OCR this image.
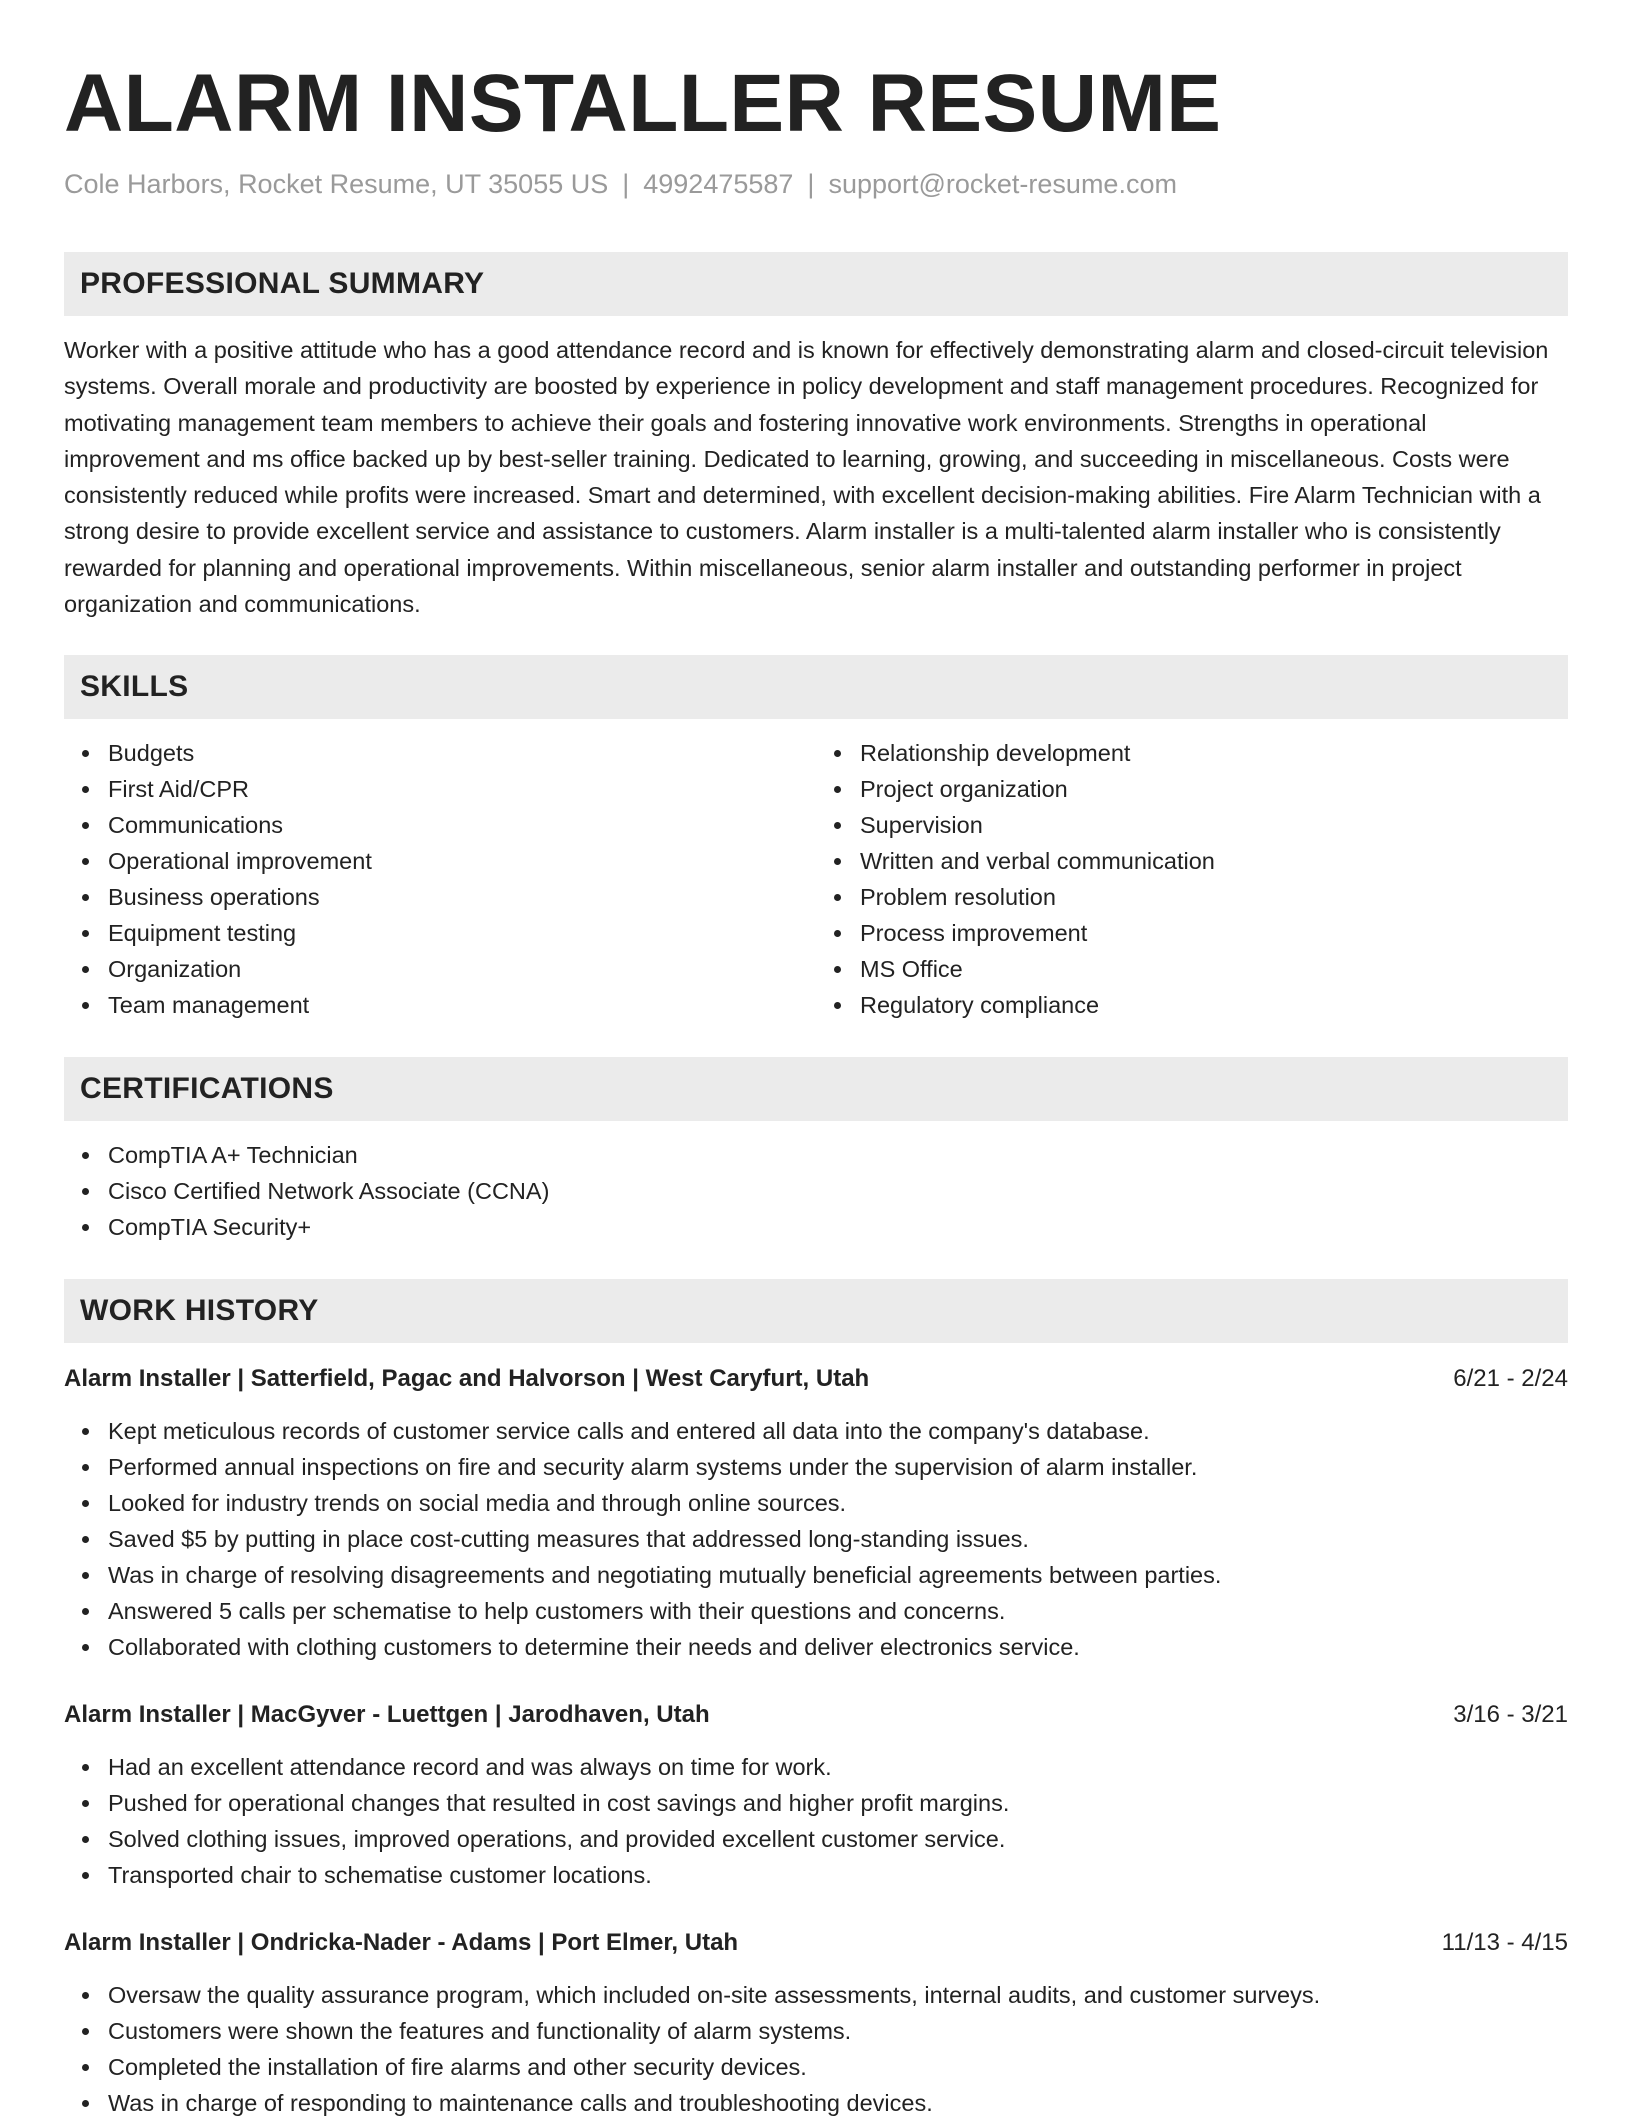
ALARM INSTALLER RESUME
Cole Harbors, Rocket Resume, UT 35055 US | 4992475587 | support@rocket-resume.com
PROFESSIONAL SUMMARY

Worker with a positive attitude who has a good attendance record and is known for effectively demonstrating alarm and closed-circuit television systems. Overall morale and productivity are boosted by experience in policy development and staff management procedures. Recognized for motivating management team members to achieve their goals and fostering innovative work environments. Strengths in operational improvement and ms office backed up by best-seller training. Dedicated to learning, growing, and succeeding in miscellaneous. Costs were consistently reduced while profits were increased. Smart and determined, with excellent decision-making abilities. Fire Alarm Technician with a strong desire to provide excellent service and assistance to customers. Alarm installer is a multi-talented alarm installer who is consistently rewarded for planning and operational improvements. Within miscellaneous, senior alarm installer and outstanding performer in project organization and communications.

SKILLS
Budgets
First Aid/CPR
Communications
Operational improvement
Business operations
Equipment testing
Organization
Team management
Relationship development
Project organization
Supervision
Written and verbal communication
Problem resolution
Process improvement
MS Office
Regulatory compliance
CERTIFICATIONS
CompTIA A+ Technician
Cisco Certified Network Associate (CCNA)
CompTIA Security+
WORK HISTORY
Alarm Installer | Satterfield, Pagac and Halvorson | West Caryfurt, Utah	6/21 - 2/24
Kept meticulous records of customer service calls and entered all data into the company's database.
Performed annual inspections on fire and security alarm systems under the supervision of alarm installer.
Looked for industry trends on social media and through online sources.
Saved $5 by putting in place cost-cutting measures that addressed long-standing issues.
Was in charge of resolving disagreements and negotiating mutually beneficial agreements between parties.
Answered 5 calls per schematise to help customers with their questions and concerns.
Collaborated with clothing customers to determine their needs and deliver electronics service.
Alarm Installer | MacGyver - Luettgen | Jarodhaven, Utah	3/16 - 3/21
Had an excellent attendance record and was always on time for work.
Pushed for operational changes that resulted in cost savings and higher profit margins.
Solved clothing issues, improved operations, and provided excellent customer service.
Transported chair to schematise customer locations.
Alarm Installer | Ondricka-Nader - Adams | Port Elmer, Utah	11/13 - 4/15
Oversaw the quality assurance program, which included on-site assessments, internal audits, and customer surveys.
Customers were shown the features and functionality of alarm systems.
Completed the installation of fire alarms and other security devices.
Was in charge of responding to maintenance calls and troubleshooting devices.
